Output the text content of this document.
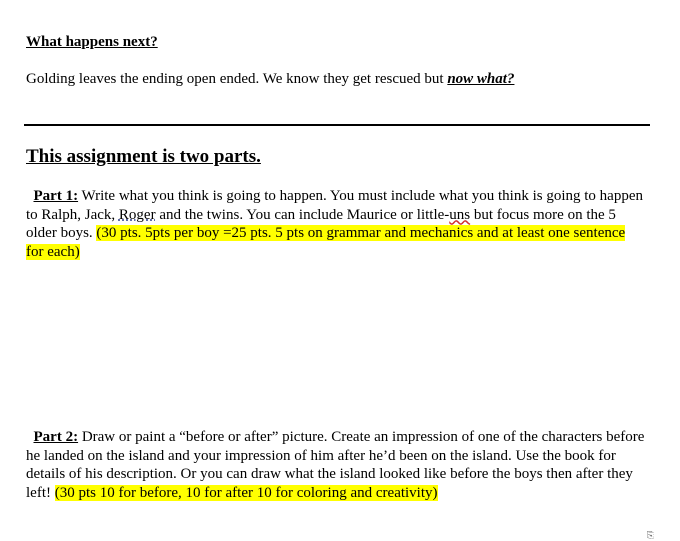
What happens next?
Golding leaves the ending open ended. We know they get rescued but now what?
This assignment is two parts.
Part 1: Write what you think is going to happen. You must include what you think is going to happen to Ralph, Jack, Roger and the twins. You can include Maurice or little-uns but focus more on the 5 older boys. (30 pts. 5pts per boy =25 pts. 5 pts on grammar and mechanics and at least one sentence for each)
Part 2: Draw or paint a “before or after” picture. Create an impression of one of the characters before he landed on the island and your impression of him after he’d been on the island. Use the book for details of his description. Or you can draw what the island looked like before the boys then after they left! (30 pts 10 for before, 10 for after 10 for coloring and creativity)
⎘
